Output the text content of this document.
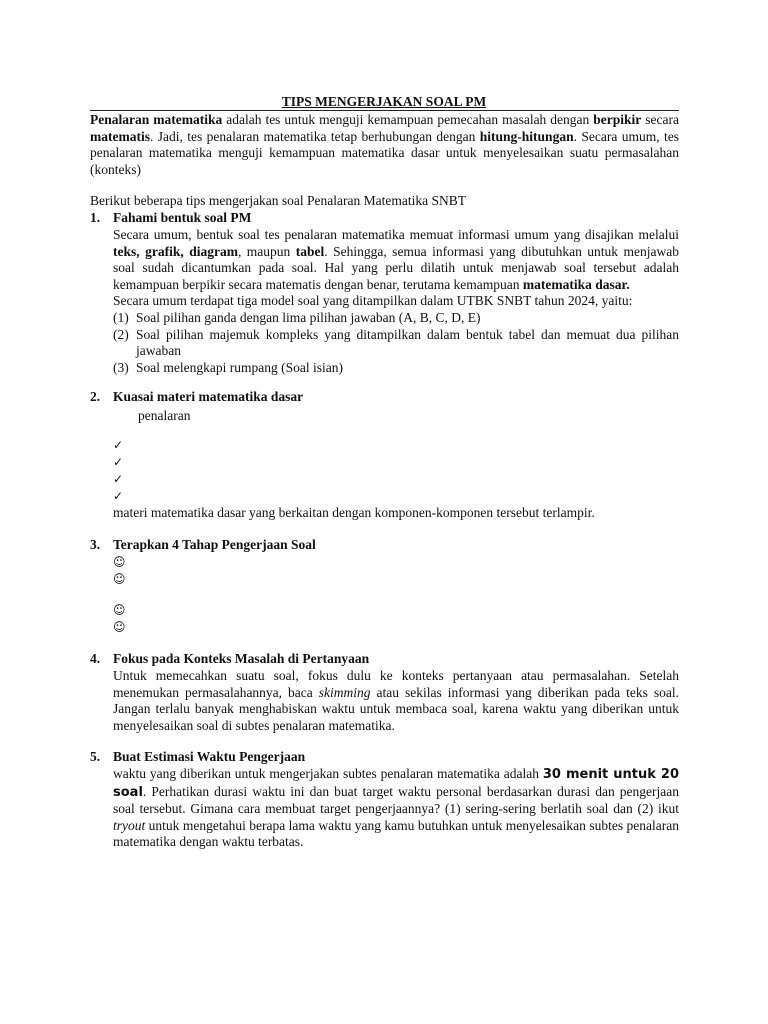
TIPS MENGERJAKAN SOAL PM
Penalaran matematika adalah tes untuk menguji kemampuan pemecahan masalah dengan berpikir secara matematis. Jadi, tes penalaran matematika tetap berhubungan dengan hitung-hitungan. Secara umum, tes penalaran matematika menguji kemampuan matematika dasar untuk menyelesaikan suatu permasalahan (konteks)
Berikut beberapa tips mengerjakan soal Penalaran Matematika SNBT
1. Fahami bentuk soal PM

Secara umum, bentuk soal tes penalaran matematika memuat informasi umum yang disajikan melalui teks, grafik, diagram, maupun tabel. Sehingga, semua informasi yang dibutuhkan untuk menjawab soal sudah dicantumkan pada soal. Hal yang perlu dilatih untuk menjawab soal tersebut adalah kemampuan berpikir secara matematis dengan benar, terutama kemampuan matematika dasar.

Secara umum terdapat tiga model soal yang ditampilkan dalam UTBK SNBT tahun 2024, yaitu:

(1) Soal pilihan ganda dengan lima pilihan jawaban (A, B, C, D, E)
(2) Soal pilihan majemuk kompleks yang ditampilkan dalam bentuk tabel dan memuat dua pilihan jawaban
(3) Soal melengkapi rumpang (Soal isian)
2. Kuasai materi matematika dasar
penalaran
✓
✓
✓
✓
materi matematika dasar yang berkaitan dengan komponen-komponen tersebut terlampir.
3. Terapkan 4 Tahap Pengerjaan Soal
☺
☺
☺
☺
4. Fokus pada Konteks Masalah di Pertanyaan
Untuk memecahkan suatu soal, fokus dulu ke konteks pertanyaan atau permasalahan. Setelah menemukan permasalahannya, baca skimming atau sekilas informasi yang diberikan pada teks soal. Jangan terlalu banyak menghabiskan waktu untuk membaca soal, karena waktu yang diberikan untuk menyelesaikan soal di subtes penalaran matematika.
5. Buat Estimasi Waktu Pengerjaan
waktu yang diberikan untuk mengerjakan subtes penalaran matematika adalah 30 menit untuk 20 soal. Perhatikan durasi waktu ini dan buat target waktu personal berdasarkan durasi dan pengerjaan soal tersebut. Gimana cara membuat target pengerjaannya? (1) sering-sering berlatih soal dan (2) ikut tryout untuk mengetahui berapa lama waktu yang kamu butuhkan untuk menyelesaikan subtes penalaran matematika dengan waktu terbatas.
